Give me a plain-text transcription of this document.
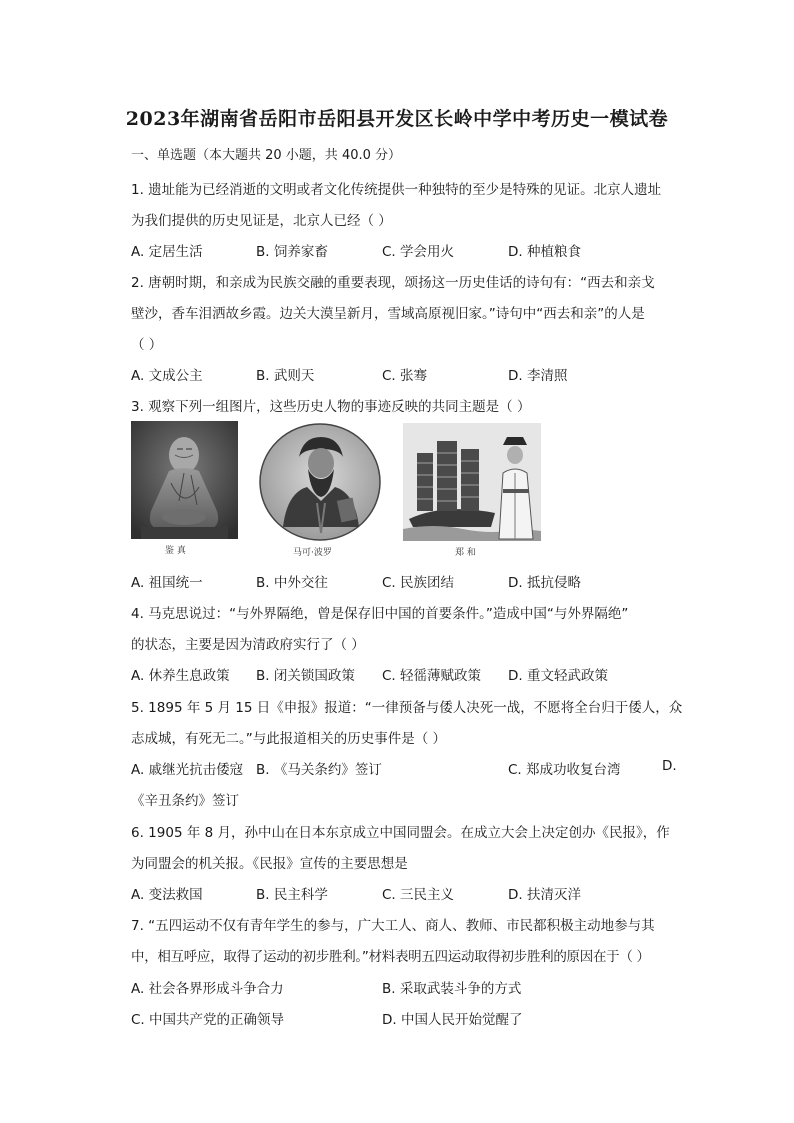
2023年湖南省岳阳市岳阳县开发区长岭中学中考历史一模试卷
一、单选题（本大题共 20 小题，共 40.0 分）
1. 遗址能为已经消逝的文明或者文化传统提供一种独特的至少是特殊的见证。北京人遗址
为我们提供的历史见证是，北京人已经（ ）
A. 定居生活	B. 饲养家畜	C. 学会用火	D. 种植粮食
2. 唐朝时期，和亲成为民族交融的重要表现，颂扬这一历史佳话的诗句有：“西去和亲戈
壁沙，香车泪洒故乡霞。边关大漠呈新月，雪域高原视旧家。”诗句中“西去和亲”的人是
（ ）
A. 文成公主	B. 武则天	C. 张骞	D. 李清照
3. 观察下列一组图片，这些历史人物的事迹反映的共同主题是（ ）
鉴 真	马可·波罗	郑 和
A. 祖国统一	B. 中外交往	C. 民族团结	D. 抵抗侵略
4. 马克思说过：“与外界隔绝，曾是保存旧中国的首要条件。”造成中国“与外界隔绝”
的状态，主要是因为清政府实行了（ ）
A. 休养生息政策 B. 闭关锁国政策 C. 轻徭薄赋政策 D. 重文轻武政策
5. 1895 年 5 月 15 日《申报》报道：“一律预备与倭人决死一战，不愿将全台归于倭人，众
志成城，有死无二。”与此报道相关的历史事件是（ ）
A. 戚继光抗击倭寇 B. 《马关条约》签订	C. 郑成功收复台湾	D.
《辛丑条约》签订
6. 1905 年 8 月，孙中山在日本东京成立中国同盟会。在成立大会上决定创办《民报》，作
为同盟会的机关报。《民报》宣传的主要思想是
A. 变法救国	B. 民主科学	C. 三民主义	D. 扶清灭洋
7. “五四运动不仅有青年学生的参与，广大工人、商人、教师、市民都积极主动地参与其
中，相互呼应，取得了运动的初步胜利。”材料表明五四运动取得初步胜利的原因在于（ ）
A. 社会各界形成斗争合力	B. 采取武装斗争的方式
C. 中国共产党的正确领导	D. 中国人民开始觉醒了
